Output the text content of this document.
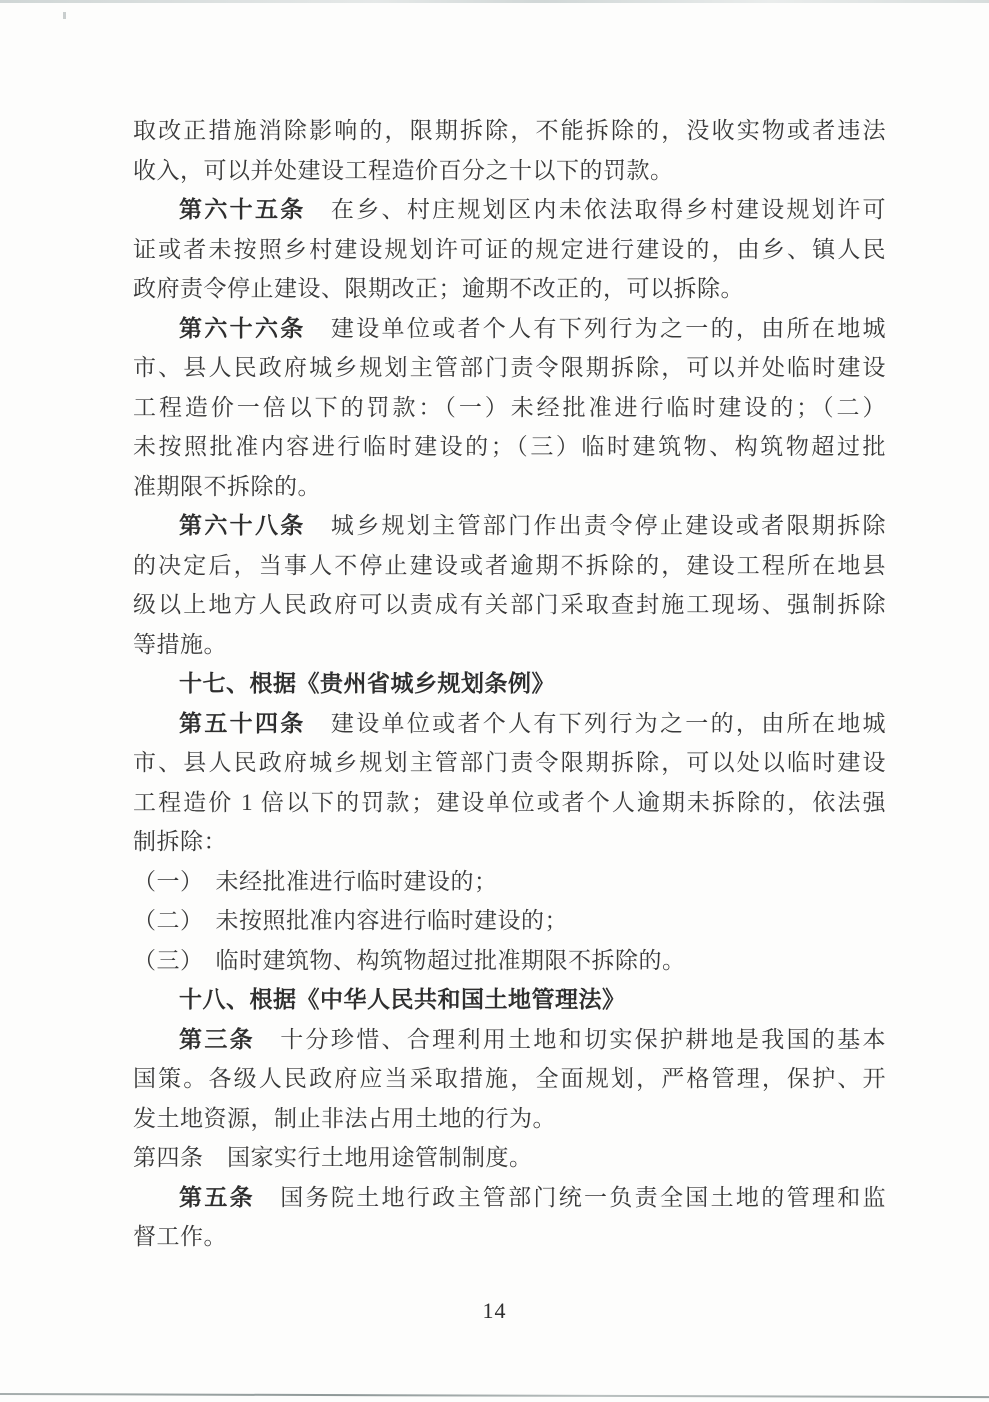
取改正措施消除影响的，限期拆除，不能拆除的，没收实物或者违法
收入，可以并处建设工程造价百分之十以下的罚款。
第六十五条　在乡、村庄规划区内未依法取得乡村建设规划许可
证或者未按照乡村建设规划许可证的规定进行建设的，由乡、镇人民
政府责令停止建设、限期改正；逾期不改正的，可以拆除。
第六十六条　建设单位或者个人有下列行为之一的，由所在地城
市、县人民政府城乡规划主管部门责令限期拆除，可以并处临时建设
工程造价一倍以下的罚款：（一）未经批准进行临时建设的；（二）
未按照批准内容进行临时建设的；（三）临时建筑物、构筑物超过批
准期限不拆除的。
第六十八条　城乡规划主管部门作出责令停止建设或者限期拆除
的决定后，当事人不停止建设或者逾期不拆除的，建设工程所在地县
级以上地方人民政府可以责成有关部门采取查封施工现场、强制拆除
等措施。
十七、根据《贵州省城乡规划条例》
第五十四条　建设单位或者个人有下列行为之一的，由所在地城
市、县人民政府城乡规划主管部门责令限期拆除，可以处以临时建设
工程造价 1 倍以下的罚款；建设单位或者个人逾期未拆除的，依法强
制拆除：
（一）　未经批准进行临时建设的；
（二）　未按照批准内容进行临时建设的；
（三）　临时建筑物、构筑物超过批准期限不拆除的。
十八、根据《中华人民共和国土地管理法》
第三条　十分珍惜、合理利用土地和切实保护耕地是我国的基本
国策。各级人民政府应当采取措施，全面规划，严格管理，保护、开
发土地资源，制止非法占用土地的行为。
第四条　国家实行土地用途管制制度。
第五条　国务院土地行政主管部门统一负责全国土地的管理和监
督工作。
14
